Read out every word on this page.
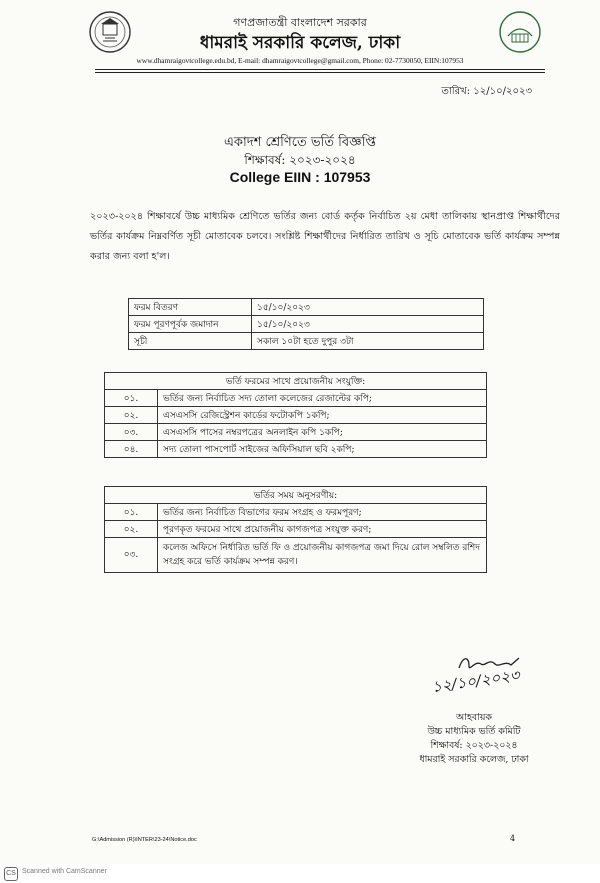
গণপ্রজাতন্ত্রী বাংলাদেশ সরকার
ধামরাই সরকারি কলেজ, ঢাকা
www.dhamraigovtcollege.edu.bd, E-mail: dhamraigovtcollege@gmail.com, Phone: 02-7730050, EIIN:107953
তারিখ: ১২/১০/২০২৩
একাদশ শ্রেণিতে ভর্তি বিজ্ঞপ্তি
শিক্ষাবর্ষ: ২০২৩-২০২৪
College EIIN : 107953
২০২৩-২০২৪ শিক্ষাবর্ষে উচ্চ মাধ্যমিক শ্রেণিতে ভর্তির জন্য বোর্ড কর্তৃক নির্বাচিত ২য় মেধা তালিকায় স্থানপ্রাপ্ত শিক্ষার্থীদের ভর্তির কার্যক্রম নিম্নবর্ণিত সূচী মোতাবেক চলবে। সংশ্লিষ্ট শিক্ষার্থীদের নির্ধারিত তারিখ ও সূচি মোতাবেক ভর্তি কার্যক্রম সম্পন্ন করার জন্য বলা হ'ল।
ফরম বিতরণ	১৫/১০/২০২৩
ফরম পূরণপূর্বক জমাদান	১৫/১০/২০২৩
সূচী	সকাল ১০টা হতে দুপুর ৩টা
ভর্তি ফরমের সাথে প্রয়োজনীয় সংযুক্তি:	
০১.	ভর্তির জন্য নির্বাচিত সদ্য তোলা কলেজের রেজাল্টের কপি;
০২.	এসএসসি রেজিস্ট্রেশন কার্ডের ফটোকপি ১কপি;
০৩.	এসএসসি পাসের নম্বরপত্রের অনলাইন কপি ১কপি;
০৪.	সদ্য তোলা পাসপোর্ট সাইজের অফিসিয়াল ছবি ২কপি;
ভর্তির সময় অনুসরণীয়:	
০১.	ভর্তির জন্য নির্বাচিত বিভাগের ফরম সংগ্রহ ও ফরমপূরণ;
০২.	পূরণকৃত ফরমের সাথে প্রয়োজনীয় কাগজপত্র সংযুক্ত করণ;
০৩.	কলেজ অফিসে নির্ধারিত ভর্তি ফি ও প্রয়োজনীয় কাগজপত্র জমা দিয়ে রোল সম্বলিত রশিদ সংগ্রহ করে ভর্তি কার্যক্রম সম্পন্ন করণ।
১২/১০/২০২৩
আহবায়ক
উচ্চ মাধ্যমিক ভর্তি কমিটি
শিক্ষাবর্ষ: ২০২৩-২০২৪
ধামরাই সরকারি কলেজ, ঢাকা
G:\Admission (R)\INTER\23-24\Notice.doc	4
CS Scanned with CamScanner
